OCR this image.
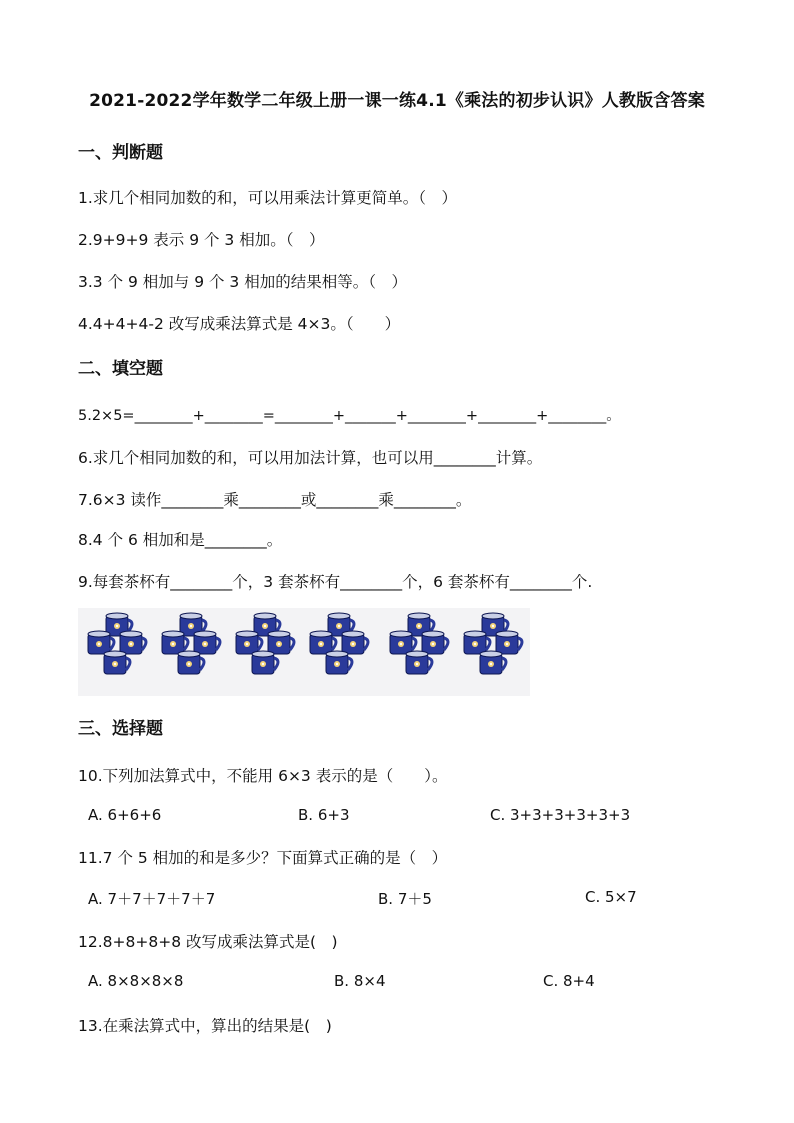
2021-2022学年数学二年级上册一课一练4.1《乘法的初步认识》人教版含答案
一、判断题
1.求几个相同加数的和，可以用乘法计算更简单。（　）
2.9+9+9 表示 9 个 3 相加。（　）
3.3 个 9 相加与 9 个 3 相加的结果相等。（　）
4.4+4+4-2 改写成乘法算式是 4×3。（　　）
二、填空题
5.2×5=________+________=________+_______+________+________+________。
6.求几个相同加数的和，可以用加法计算，也可以用________计算。
7.6×3 读作________乘________或________乘________。
8.4 个 6 相加和是________。
9.每套茶杯有________个，3 套茶杯有________个，6 套茶杯有________个.
三、选择题
10.下列加法算式中，不能用 6×3 表示的是（　　）。
A. 6+6+6	B. 6+3	C. 3+3+3+3+3+3
11.7 个 5 相加的和是多少？下面算式正确的是（　）
A. 7＋7＋7＋7＋7	B. 7＋5	C. 5×7
12.8+8+8+8 改写成乘法算式是(　)
A. 8×8×8×8	B. 8×4	C. 8+4
13.在乘法算式中，算出的结果是(　)
